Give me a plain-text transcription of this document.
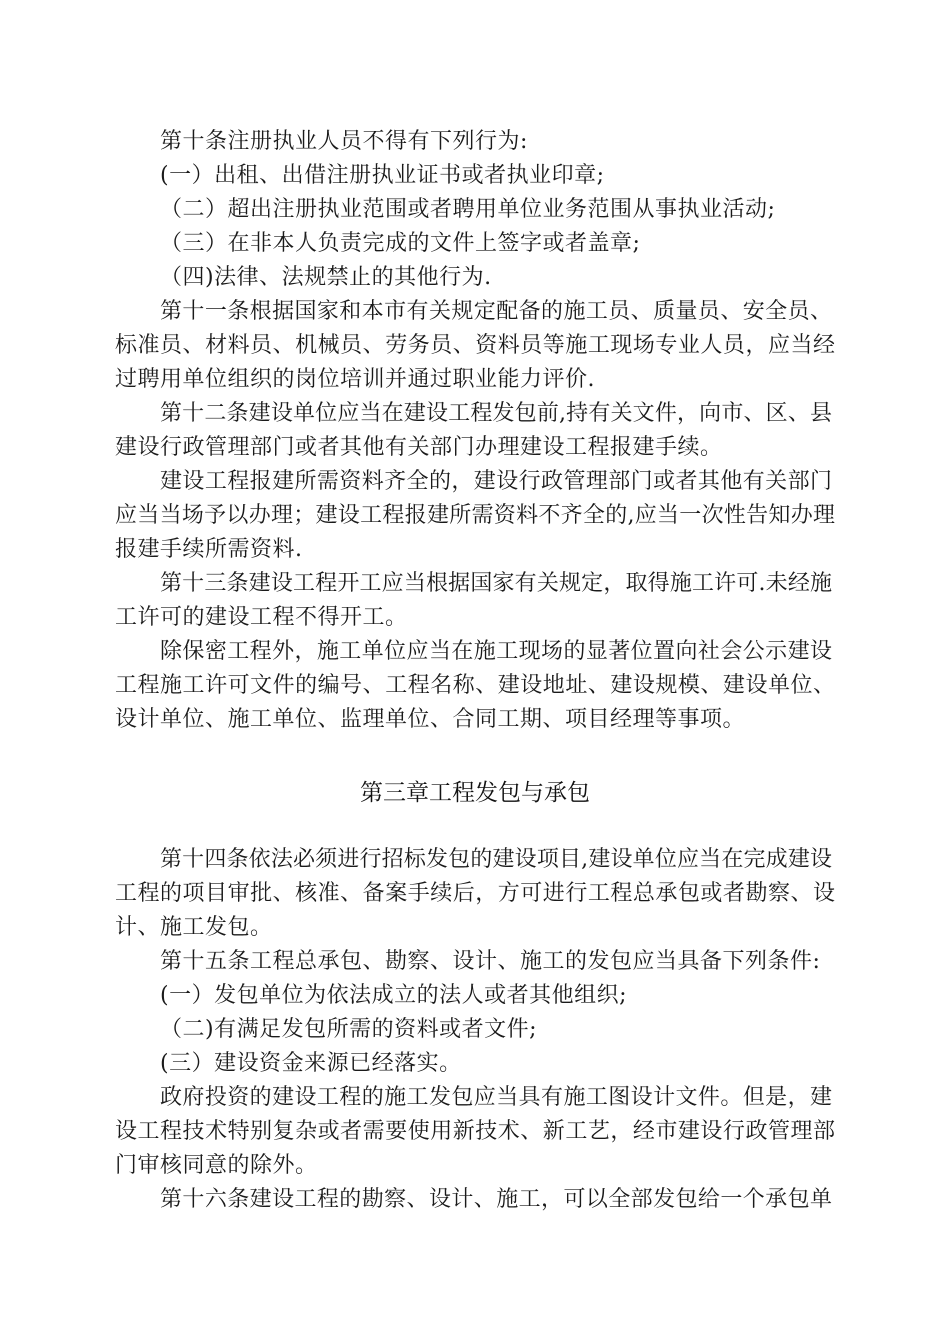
第十条注册执业人员不得有下列行为:
(一）出租、出借注册执业证书或者执业印章;
（二）超出注册执业范围或者聘用单位业务范围从事执业活动;
（三）在非本人负责完成的文件上签字或者盖章;
（四)法律、法规禁止的其他行为.
第十一条根据国家和本市有关规定配备的施工员、质量员、安全员、
标准员、材料员、机械员、劳务员、资料员等施工现场专业人员，应当经
过聘用单位组织的岗位培训并通过职业能力评价.
第十二条建设单位应当在建设工程发包前,持有关文件，向市、区、县
建设行政管理部门或者其他有关部门办理建设工程报建手续。
建设工程报建所需资料齐全的，建设行政管理部门或者其他有关部门
应当当场予以办理；建设工程报建所需资料不齐全的,应当一次性告知办理
报建手续所需资料.
第十三条建设工程开工应当根据国家有关规定，取得施工许可.未经施
工许可的建设工程不得开工。
除保密工程外，施工单位应当在施工现场的显著位置向社会公示建设
工程施工许可文件的编号、工程名称、建设地址、建设规模、建设单位、
设计单位、施工单位、监理单位、合同工期、项目经理等事项。
第三章工程发包与承包
第十四条依法必须进行招标发包的建设项目,建设单位应当在完成建设
工程的项目审批、核准、备案手续后，方可进行工程总承包或者勘察、设
计、施工发包。
第十五条工程总承包、勘察、设计、施工的发包应当具备下列条件:
(一）发包单位为依法成立的法人或者其他组织;
（二)有满足发包所需的资料或者文件;
(三）建设资金来源已经落实。
政府投资的建设工程的施工发包应当具有施工图设计文件。但是，建
设工程技术特别复杂或者需要使用新技术、新工艺，经市建设行政管理部
门审核同意的除外。
第十六条建设工程的勘察、设计、施工，可以全部发包给一个承包单
